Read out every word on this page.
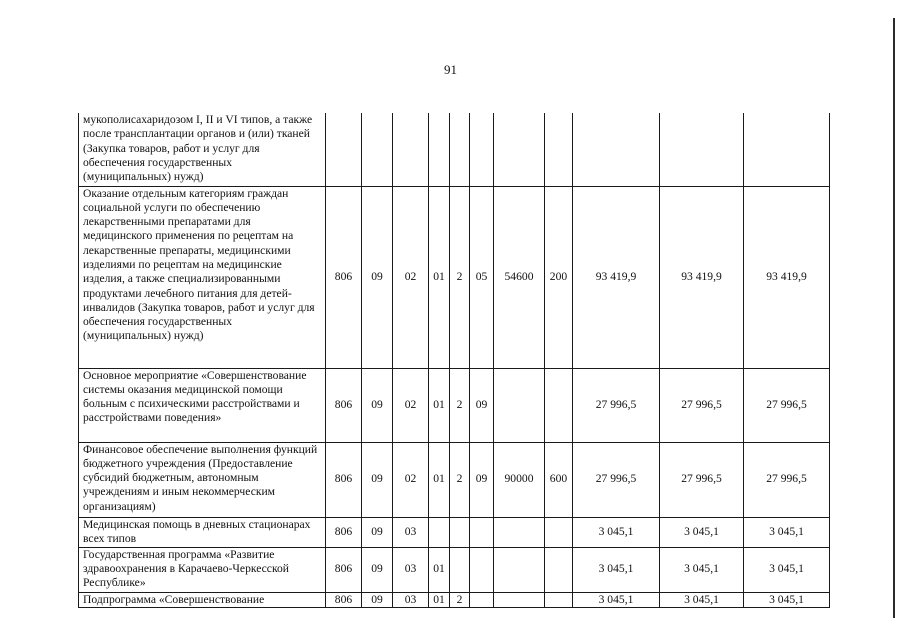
91
мукополисахаридозом I, II и VI типов, а также после трансплантации органов и (или) тканей (Закупка товаров, работ и услуг для обеспечения государственных (муниципальных) нужд)											
Оказание отдельным категориям граждан социальной услуги по обеспечению лекарственными препаратами для медицинского применения по рецептам на лекарственные препараты, медицинскими изделиями по рецептам на медицинские изделия, а также специализированными продуктами лечебного питания для детей-инвалидов (Закупка товаров, работ и услуг для обеспечения государственных (муниципальных) нужд)	806	09	02	01	2	05	54600	200	93 419,9	93 419,9	93 419,9
Основное мероприятие «Совершенствование системы оказания медицинской помощи больным с психическими расстройствами и расстройствами поведения»	806	09	02	01	2	09			27 996,5	27 996,5	27 996,5
Финансовое обеспечение выполнения функций бюджетного учреждения (Предоставление субсидий бюджетным, автономным учреждениям и иным некоммерческим организациям)	806	09	02	01	2	09	90000	600	27 996,5	27 996,5	27 996,5
Медицинская помощь в дневных стационарах всех типов	806	09	03						3 045,1	3 045,1	3 045,1
Государственная программа «Развитие здравоохранения в Карачаево-Черкесской Республике»	806	09	03	01					3 045,1	3 045,1	3 045,1
Подпрограмма «Совершенствование	806	09	03	01	2				3 045,1	3 045,1	3 045,1
